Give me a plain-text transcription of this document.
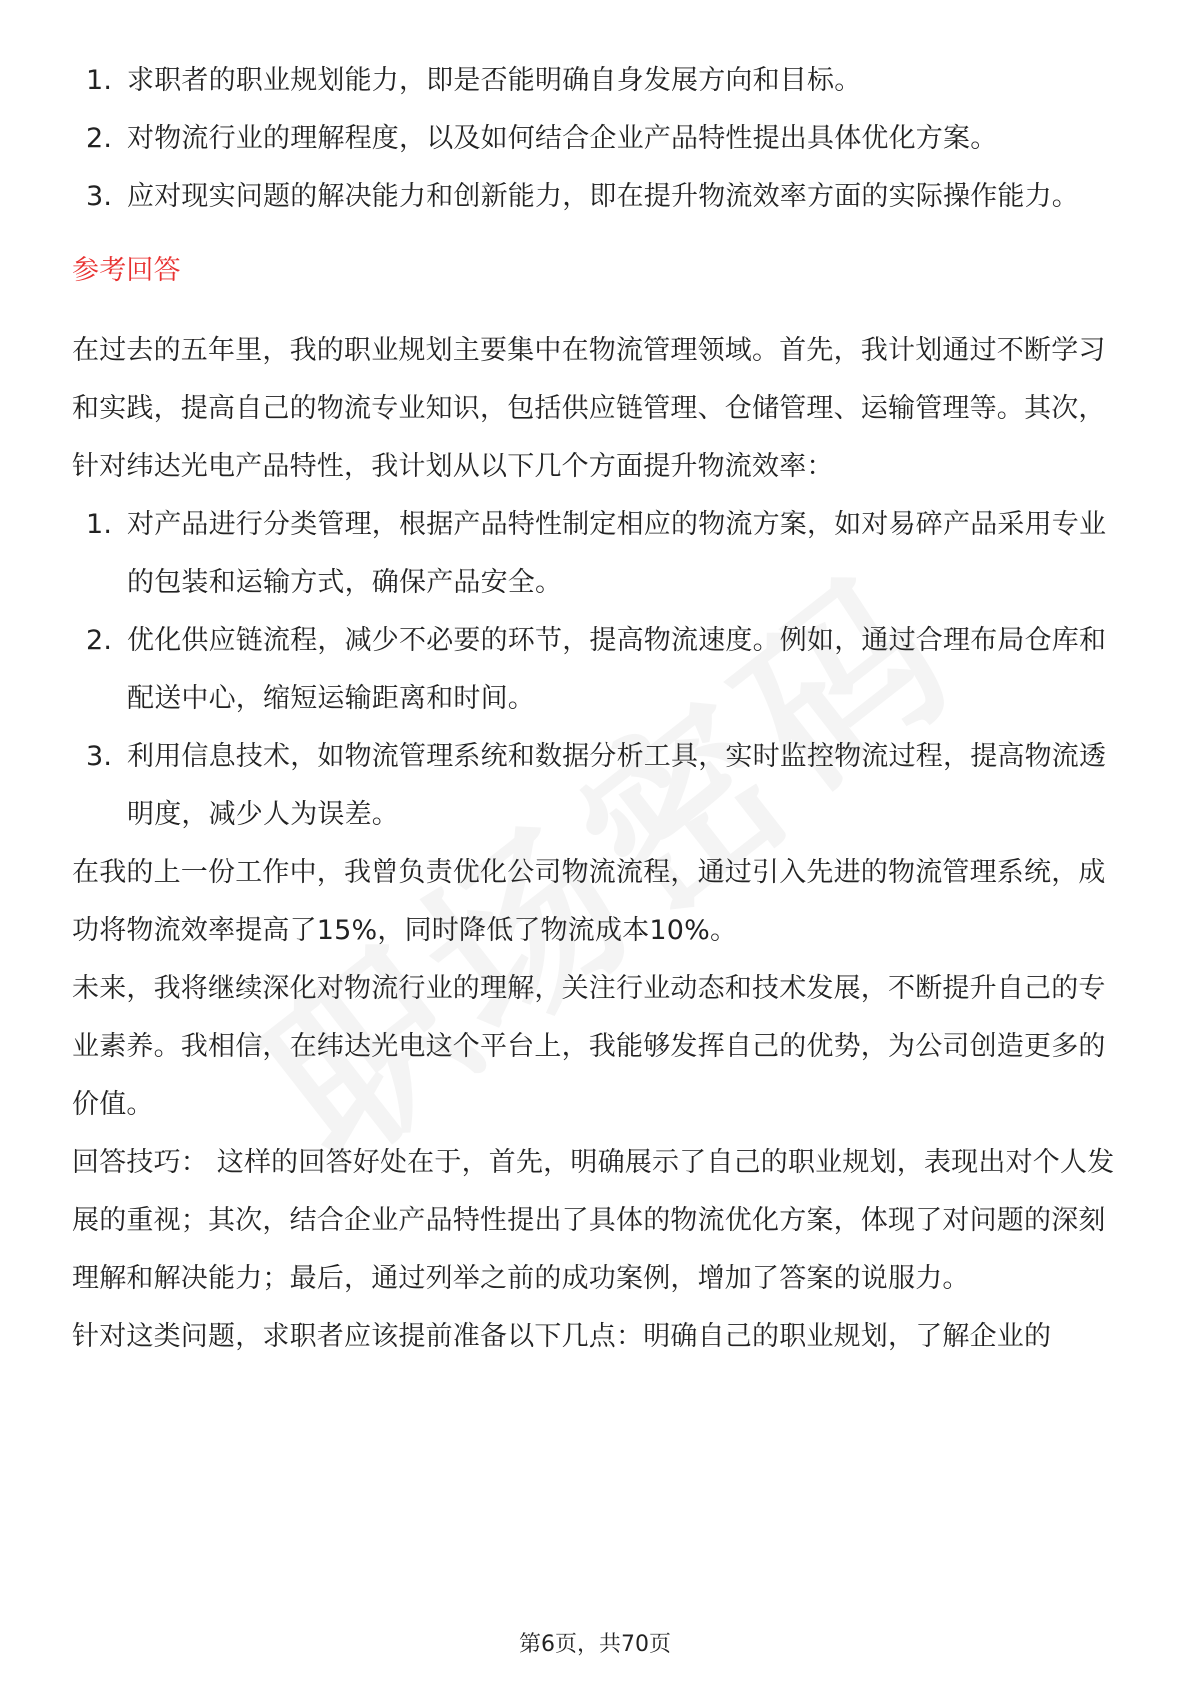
1. 求职者的职业规划能力，即是否能明确自身发展方向和目标。
2. 对物流行业的理解程度，以及如何结合企业产品特性提出具体优化方案。
3. 应对现实问题的解决能力和创新能力，即在提升物流效率方面的实际操作能力。
参考回答

在过去的五年里，我的职业规划主要集中在物流管理领域。首先，我计划通过不断学习和实践，提高自己的物流专业知识，包括供应链管理、仓储管理、运输管理等。其次，针对纬达光电产品特性，我计划从以下几个方面提升物流效率：

1. 对产品进行分类管理，根据产品特性制定相应的物流方案，如对易碎产品采用专业的包装和运输方式，确保产品安全。
2. 优化供应链流程，减少不必要的环节，提高物流速度。例如，通过合理布局仓库和配送中心，缩短运输距离和时间。
3. 利用信息技术，如物流管理系统和数据分析工具，实时监控物流过程，提高物流透明度，减少人为误差。

在我的上一份工作中，我曾负责优化公司物流流程，通过引入先进的物流管理系统，成功将物流效率提高了15%，同时降低了物流成本10%。

未来，我将继续深化对物流行业的理解，关注行业动态和技术发展，不断提升自己的专业素养。我相信，在纬达光电这个平台上，我能够发挥自己的优势，为公司创造更多的价值。

回答技巧： 这样的回答好处在于，首先，明确展示了自己的职业规划，表现出对个人发展的重视；其次，结合企业产品特性提出了具体的物流优化方案，体现了对问题的深刻理解和解决能力；最后，通过列举之前的成功案例，增加了答案的说服力。

针对这类问题，求职者应该提前准备以下几点：明确自己的职业规划，了解企业的

第6页，共70页
